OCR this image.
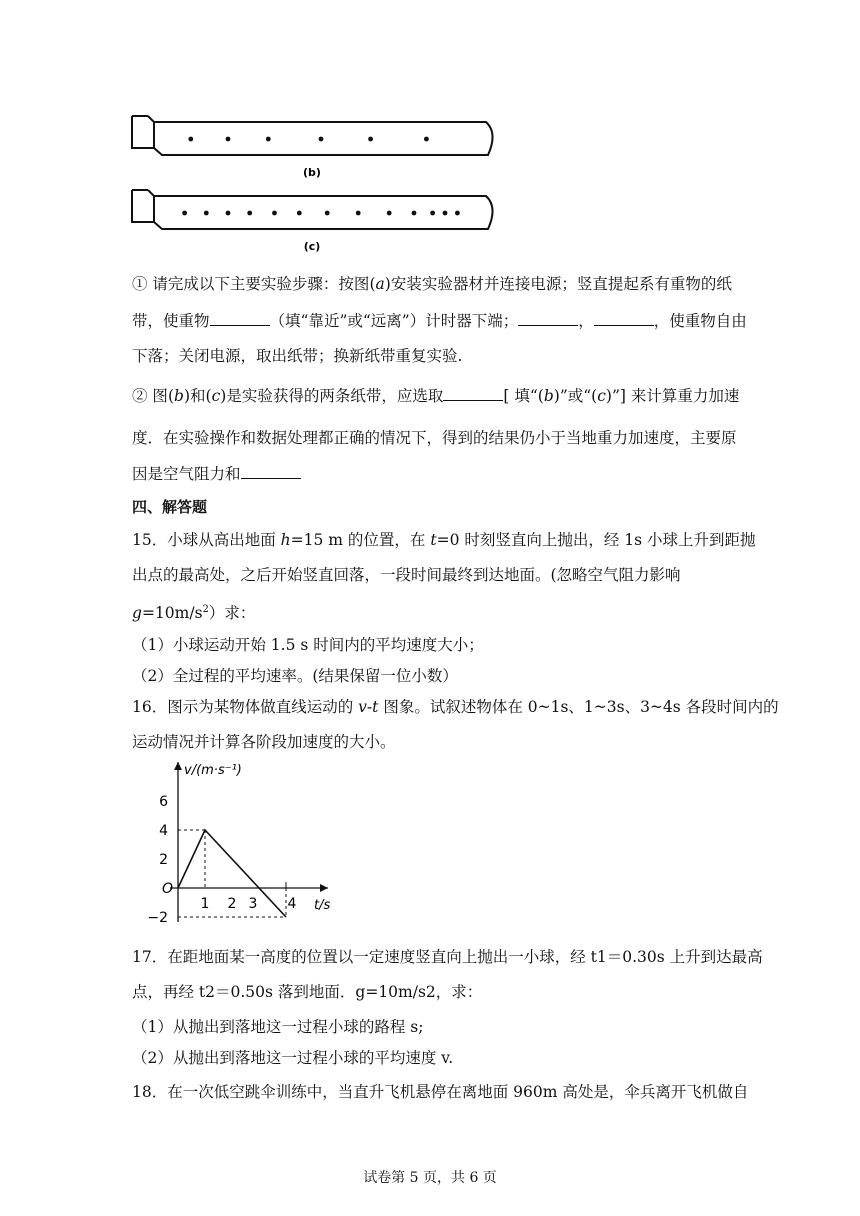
(b)
(c)
① 请完成以下主要实验步骤：按图(a)安装实验器材并连接电源；竖直提起系有重物的纸
带，使重物	（填“靠近”或“远离”）计时器下端；	，	，使重物自由
下落；关闭电源，取出纸带；换新纸带重复实验.
② 图(b)和(c)是实验获得的两条纸带，应选取	[ 填“(b)”或“(c)”] 来计算重力加速
度．在实验操作和数据处理都正确的情况下，得到的结果仍小于当地重力加速度，主要原
因是空气阻力和
四、解答题
15．小球从高出地面 h=15 m 的位置，在 t=0 时刻竖直向上抛出，经 1s 小球上升到距抛
出点的最高处，之后开始竖直回落，一段时间最终到达地面。(忽略空气阻力影响
$g=10m/s^2$）求：
（1）小球运动开始 1.5 s 时间内的平均速度大小；
（2）全过程的平均速率。(结果保留一位小数）
16．图示为某物体做直线运动的 v-t 图象。试叙述物体在 0~1s、1~3s、3~4s 各段时间内的
运动情况并计算各阶段加速度的大小。
v/(m·s⁻¹)
t/s
O
6
4
2
−2
1 2 3 4
17．在距地面某一高度的位置以一定速度竖直向上抛出一小球，经 t1＝0.30s 上升到达最高
点，再经 t2＝0.50s 落到地面．g=10m/s2，求：
（1）从抛出到落地这一过程小球的路程 s;
（2）从抛出到落地这一过程小球的平均速度 v.
18．在一次低空跳伞训练中，当直升飞机悬停在离地面 960m 高处是，伞兵离开飞机做自
试卷第 5 页，共 6 页
